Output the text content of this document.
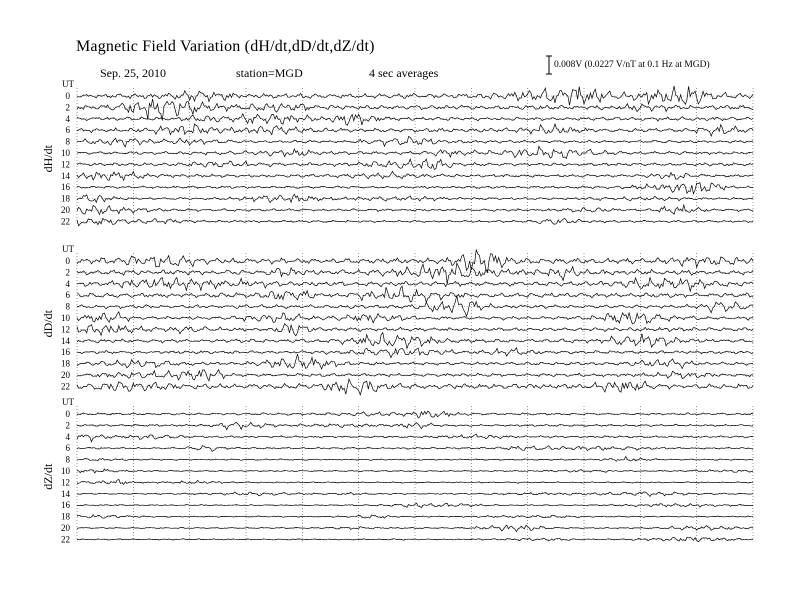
Magnetic Field Variation (dH/dt,dD/dt,dZ/dt)
Sep. 25, 2010	station=MGD	4 sec averages
0.008V (0.0227 V/nT at 0.1 Hz at MGD)
UT
dH/dt
0
2
4
6
8
10
12
14
16
18
20
22
UT
dD/dt
0
2
4
6
8
10
12
14
16
18
20
22
UT
dZ/dt
0
2
4
6
8
10
12
14
16
18
20
22
